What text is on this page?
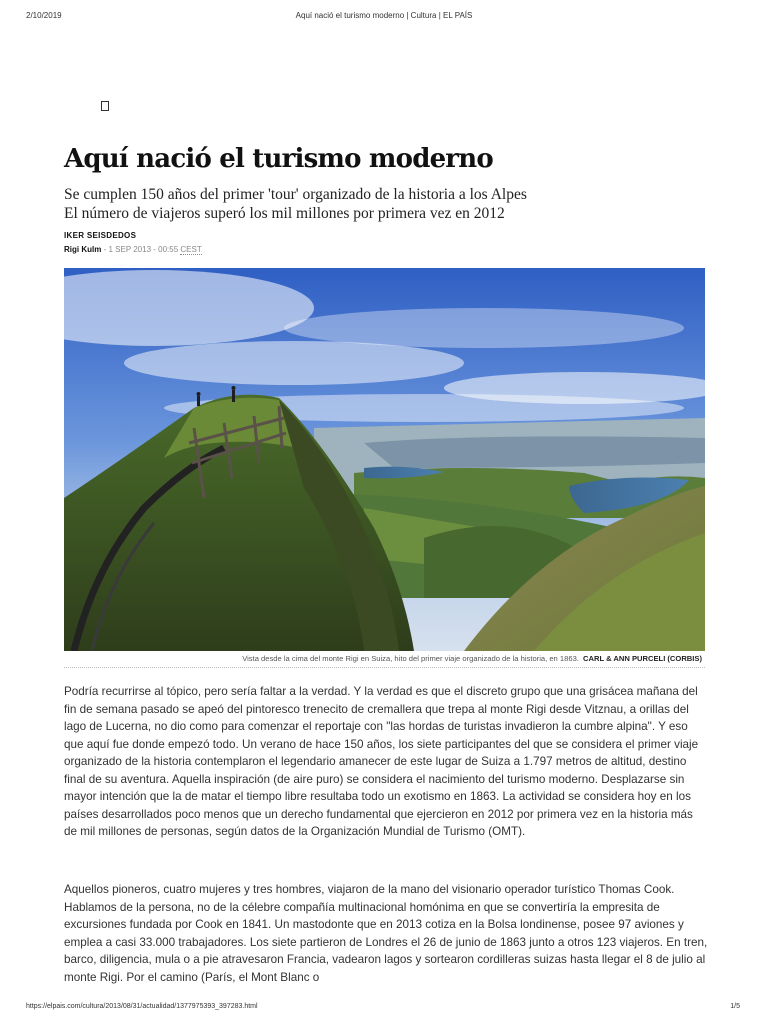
2/10/2019	Aquí nació el turismo moderno | Cultura | EL PAÍS
Aquí nació el turismo moderno
Se cumplen 150 años del primer 'tour' organizado de la historia a los Alpes
El número de viajeros superó los mil millones por primera vez en 2012
IKER SEISDEDOS
Rigi Kulm - 1 SEP 2013 - 00:55 CEST
Vista desde la cima del monte Rigi en Suiza, hito del primer viaje organizado de la historia, en 1863. CARL & ANN PURCELI (CORBIS)

Podría recurrirse al tópico, pero sería faltar a la verdad. Y la verdad es que el discreto grupo que una grisácea mañana del fin de semana pasado se apeó del pintoresco trenecito de cremallera que trepa al monte Rigi desde Vitznau, a orillas del lago de Lucerna, no dio como para comenzar el reportaje con "las hordas de turistas invadieron la cumbre alpina". Y eso que aquí fue donde empezó todo. Un verano de hace 150 años, los siete participantes del que se considera el primer viaje organizado de la historia contemplaron el legendario amanecer de este lugar de Suiza a 1.797 metros de altitud, destino final de su aventura. Aquella inspiración (de aire puro) se considera el nacimiento del turismo moderno. Desplazarse sin mayor intención que la de matar el tiempo libre resultaba todo un exotismo en 1863. La actividad se considera hoy en los países desarrollados poco menos que un derecho fundamental que ejercieron en 2012 por primera vez en la historia más de mil millones de personas, según datos de la Organización Mundial de Turismo (OMT).

Aquellos pioneros, cuatro mujeres y tres hombres, viajaron de la mano del visionario operador turístico Thomas Cook. Hablamos de la persona, no de la célebre compañía multinacional homónima en que se convertiría la empresita de excursiones fundada por Cook en 1841. Un mastodonte que en 2013 cotiza en la Bolsa londinense, posee 97 aviones y emplea a casi 33.000 trabajadores. Los siete partieron de Londres el 26 de junio de 1863 junto a otros 123 viajeros. En tren, barco, diligencia, mula o a pie atravesaron Francia, vadearon lagos y sortearon cordilleras suizas hasta llegar el 8 de julio al monte Rigi. Por el camino (París, el Mont Blanc o

https://elpais.com/cultura/2013/08/31/actualidad/1377975393_397283.html	1/5
